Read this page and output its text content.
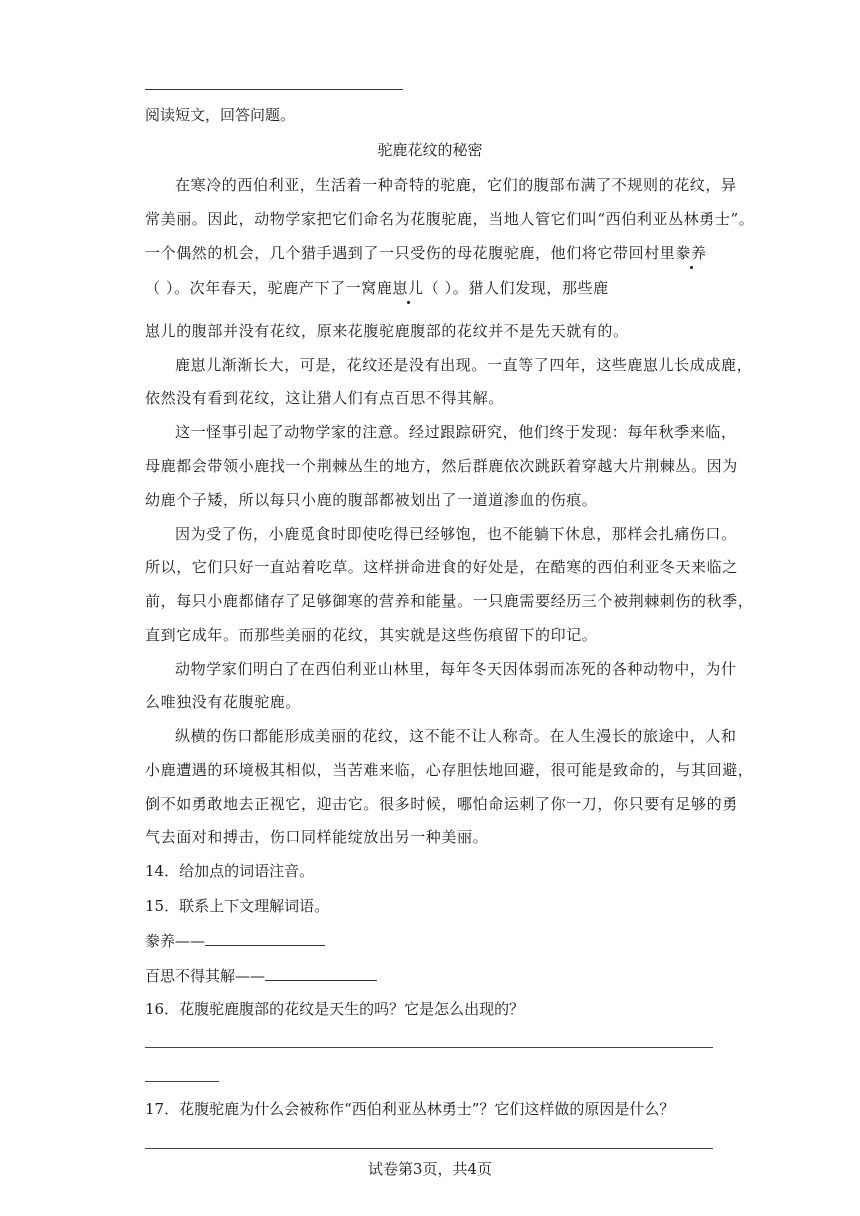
阅读短文，回答问题。
驼鹿花纹的秘密
在寒冷的西伯利亚，生活着一种奇特的驼鹿，它们的腹部布满了不规则的花纹，异
常美丽。因此，动物学家把它们命名为花腹驼鹿，当地人管它们叫“西伯利亚丛林勇士”。
一个偶然的机会，几个猎手遇到了一只受伤的母花腹驼鹿，他们将它带回村里豢养
（ ）。次年春天，驼鹿产下了一窝鹿崽儿（ ）。猎人们发现，那些鹿
崽儿的腹部并没有花纹，原来花腹驼鹿腹部的花纹并不是先天就有的。
鹿崽儿渐渐长大，可是，花纹还是没有出现。一直等了四年，这些鹿崽儿长成成鹿，
依然没有看到花纹，这让猎人们有点百思不得其解。
这一怪事引起了动物学家的注意。经过跟踪研究，他们终于发现：每年秋季来临，
母鹿都会带领小鹿找一个荆棘丛生的地方，然后群鹿依次跳跃着穿越大片荆棘丛。因为
幼鹿个子矮，所以每只小鹿的腹部都被划出了一道道渗血的伤痕。
因为受了伤，小鹿觅食时即使吃得已经够饱，也不能躺下休息，那样会扎痛伤口。
所以，它们只好一直站着吃草。这样拼命进食的好处是，在酷寒的西伯利亚冬天来临之
前，每只小鹿都储存了足够御寒的营养和能量。一只鹿需要经历三个被荆棘刺伤的秋季，
直到它成年。而那些美丽的花纹，其实就是这些伤痕留下的印记。
动物学家们明白了在西伯利亚山林里，每年冬天因体弱而冻死的各种动物中，为什
么唯独没有花腹驼鹿。
纵横的伤口都能形成美丽的花纹，这不能不让人称奇。在人生漫长的旅途中，人和
小鹿遭遇的环境极其相似，当苦难来临，心存胆怯地回避，很可能是致命的，与其回避，
倒不如勇敢地去正视它，迎击它。很多时候，哪怕命运刺了你一刀，你只要有足够的勇
气去面对和搏击，伤口同样能绽放出另一种美丽。
14．给加点的词语注音。
15．联系上下文理解词语。
豢养——
百思不得其解——
16．花腹驼鹿腹部的花纹是天生的吗？它是怎么出现的？
17．花腹驼鹿为什么会被称作“西伯利亚丛林勇士”？它们这样做的原因是什么？
试卷第3页，共4页
